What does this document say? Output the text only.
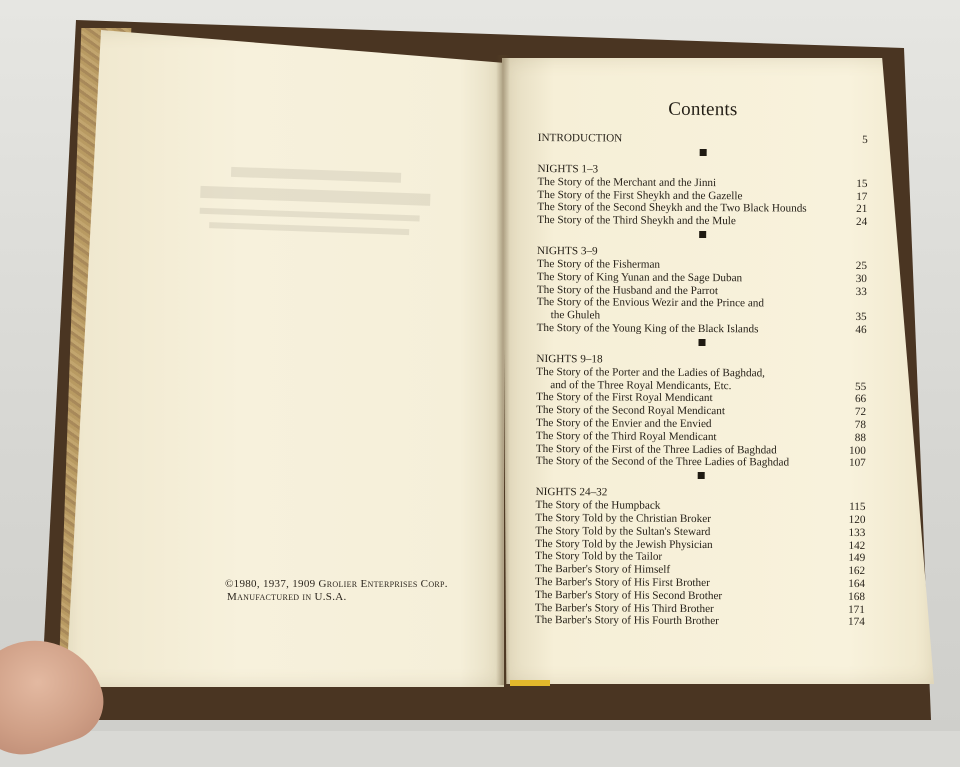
©1980, 1937, 1909 Grolier Enterprises Corp.
Manufactured in U.S.A.
Contents
INTRODUCTION	5
NIGHTS 1–3
The Story of the Merchant and the Jinni	15
The Story of the First Sheykh and the Gazelle	17
The Story of the Second Sheykh and the Two Black Hounds	21
The Story of the Third Sheykh and the Mule	24
NIGHTS 3–9
The Story of the Fisherman	25
The Story of King Yunan and the Sage Duban	30
The Story of the Husband and the Parrot	33
The Story of the Envious Wezir and the Prince and
the Ghuleh	35
The Story of the Young King of the Black Islands	46
NIGHTS 9–18
The Story of the Porter and the Ladies of Baghdad,
and of the Three Royal Mendicants, Etc.	55
The Story of the First Royal Mendicant	66
The Story of the Second Royal Mendicant	72
The Story of the Envier and the Envied	78
The Story of the Third Royal Mendicant	88
The Story of the First of the Three Ladies of Baghdad	100
The Story of the Second of the Three Ladies of Baghdad	107
NIGHTS 24–32
The Story of the Humpback	115
The Story Told by the Christian Broker	120
The Story Told by the Sultan's Steward	133
The Story Told by the Jewish Physician	142
The Story Told by the Tailor	149
The Barber's Story of Himself	162
The Barber's Story of His First Brother	164
The Barber's Story of His Second Brother	168
The Barber's Story of His Third Brother	171
The Barber's Story of His Fourth Brother	174
